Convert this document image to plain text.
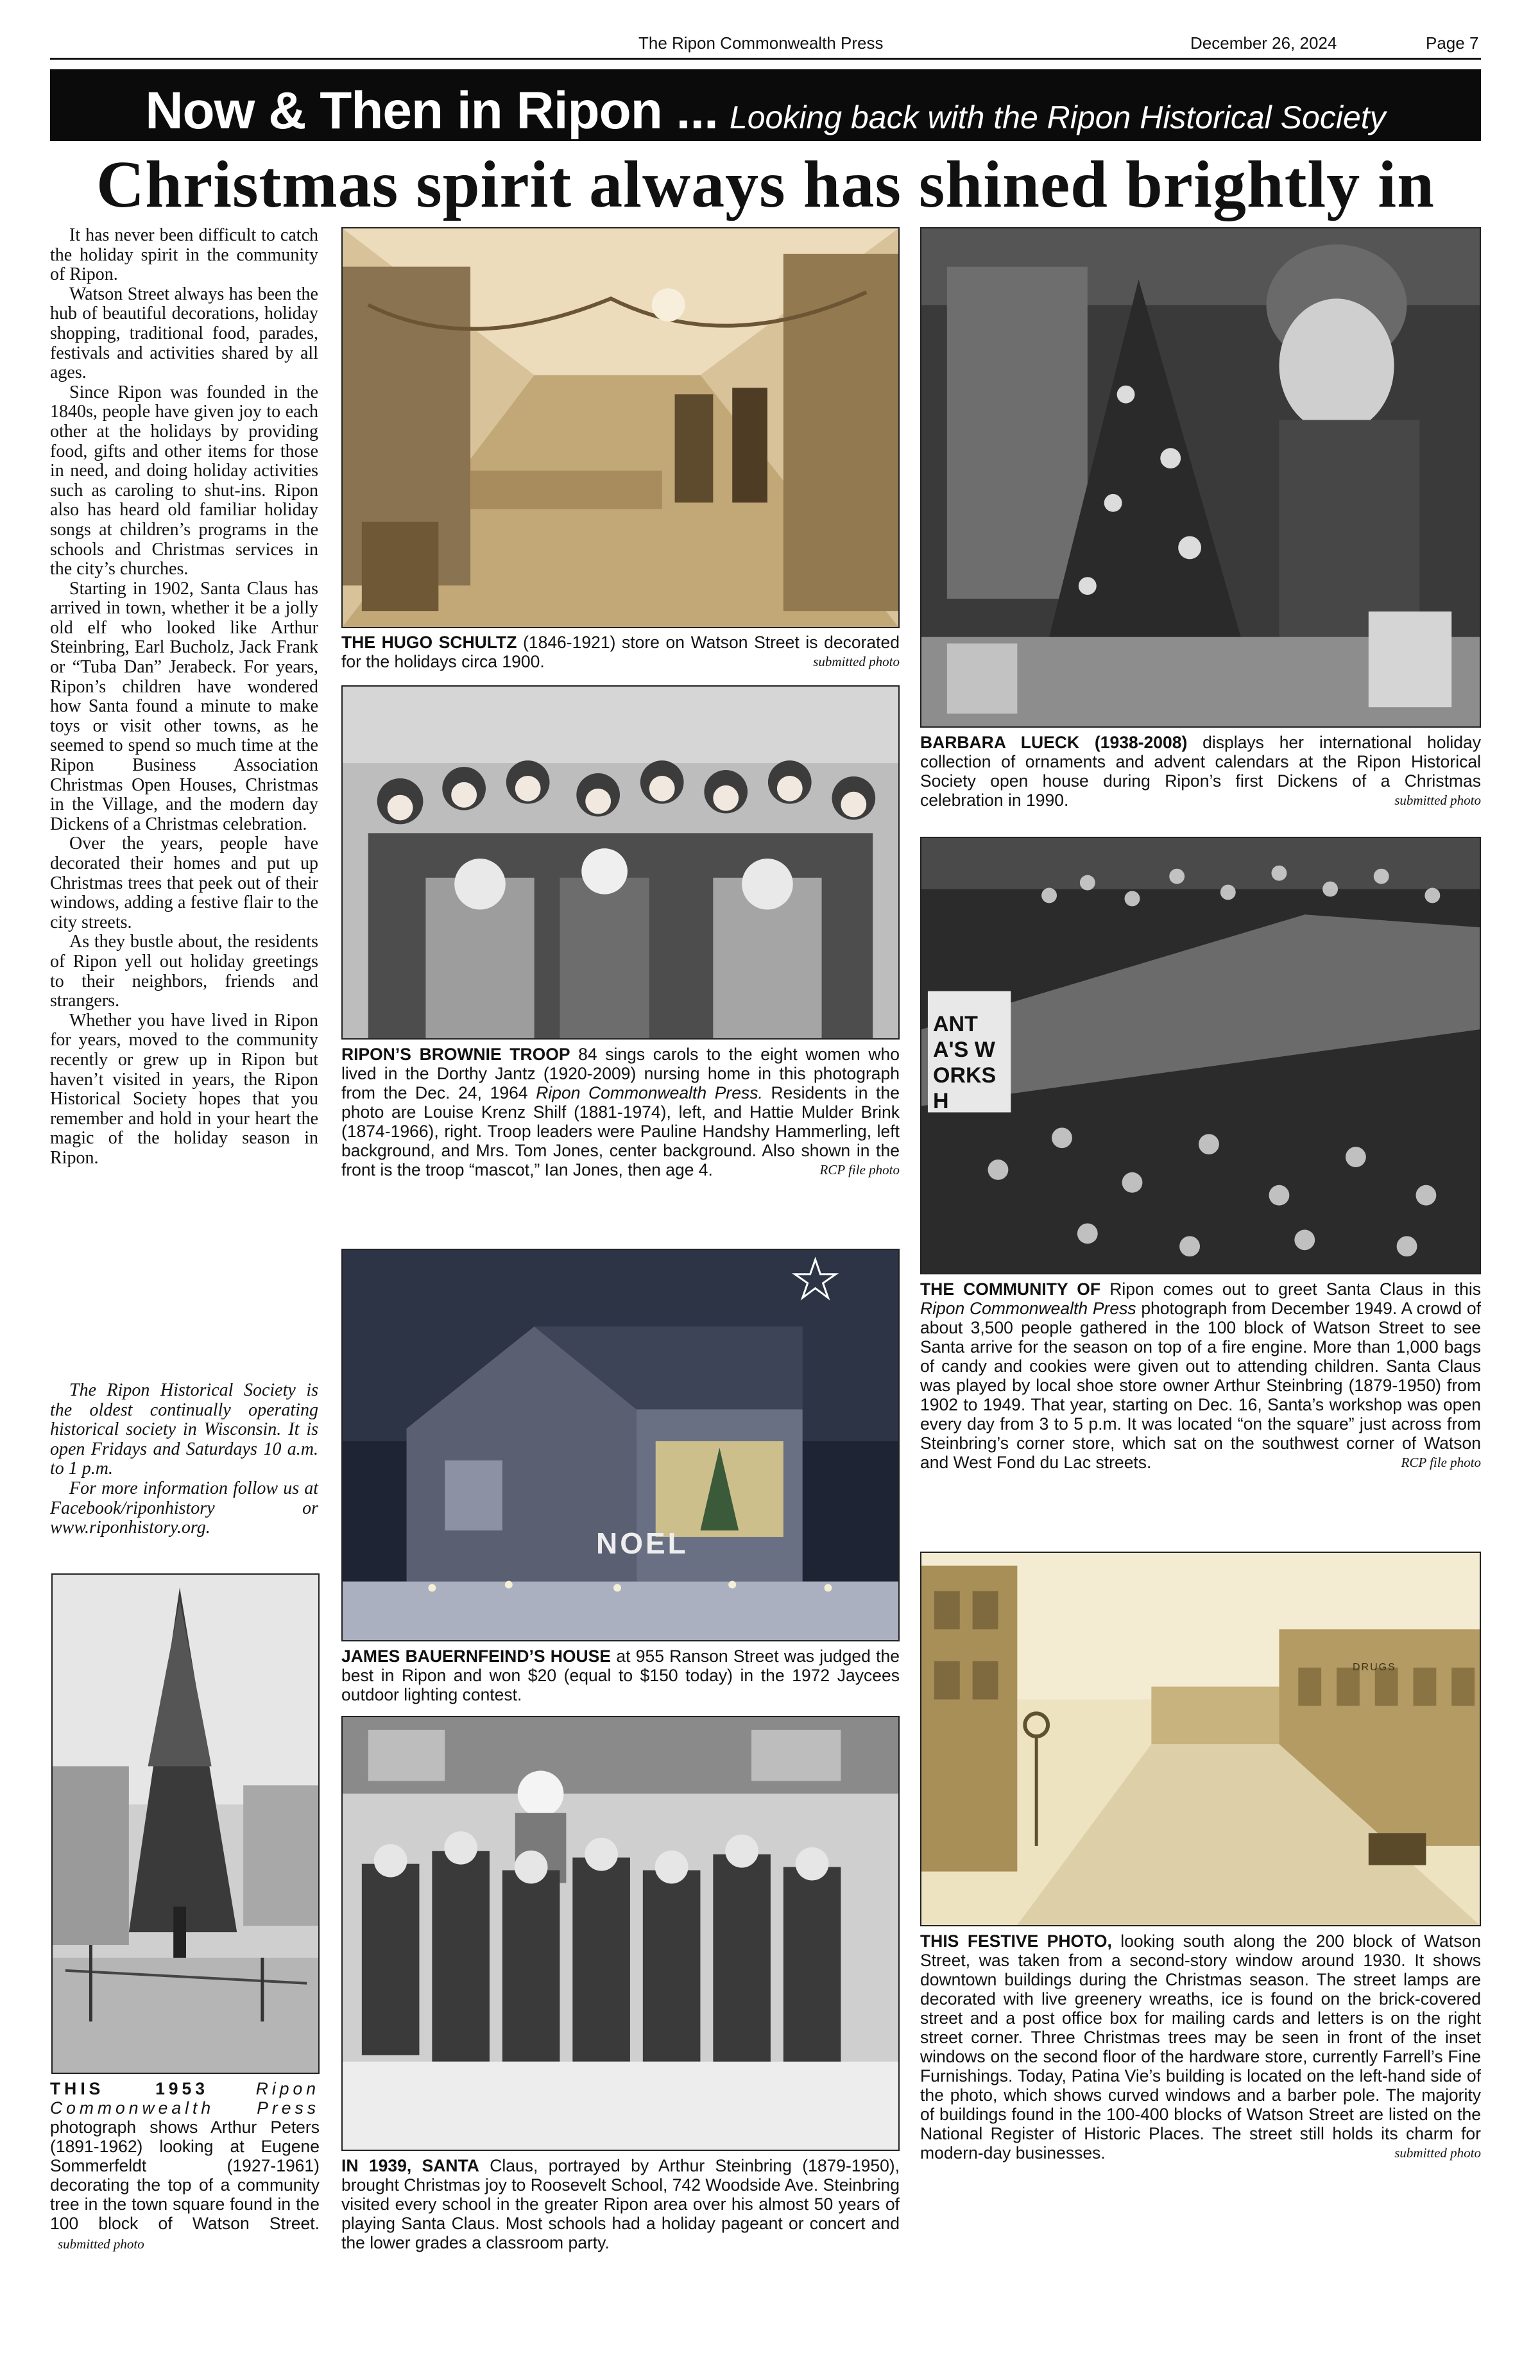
The Ripon Commonwealth Press	December 26, 2024	Page 7
Now & Then in Ripon ... Looking back with the Ripon Historical Society
Christmas spirit always has shined brightly in

It has never been difficult to catch the holiday spirit in the community of Ripon.

Watson Street always has been the hub of beautiful decorations, holiday shopping, traditional food, parades, festivals and activities shared by all ages.

Since Ripon was founded in the 1840s, people have given joy to each other at the holidays by providing food, gifts and other items for those in need, and doing holiday activities such as caroling to shut-ins. Ripon also has heard old familiar holiday songs at children’s programs in the schools and Christmas services in the city’s churches.

Starting in 1902, Santa Claus has arrived in town, whether it be a jolly old elf who looked like Arthur Steinbring, Earl Bucholz, Jack Frank or “Tuba Dan” Jerabeck. For years, Ripon’s children have wondered how Santa found a minute to make toys or visit other towns, as he seemed to spend so much time at the Ripon Business Association Christmas Open Houses, Christmas in the Village, and the modern day Dickens of a Christmas celebration.

Over the years, people have decorated their homes and put up Christmas trees that peek out of their windows, adding a festive flair to the city streets.

As they bustle about, the residents of Ripon yell out holiday greetings to their neighbors, friends and strangers.

Whether you have lived in Ripon for years, moved to the community recently or grew up in Ripon but haven’t visited in years, the Ripon Historical Society hopes that you remember and hold in your heart the magic of the holiday season in Ripon.

The Ripon Historical Society is the oldest continually operating historical society in Wisconsin. It is open Fridays and Saturdays 10 a.m. to 1 p.m.

For more information follow us at Facebook/riponhistory or www.riponhistory.org.

THIS 1953	Ripon Commonwealth Press photograph shows Arthur Peters (1891-1962) looking at Eugene Sommerfeldt (1927-1961) decorating the top of a community tree in the town square found in the 100 block of Watson Street. submitted photo
THE HUGO SCHULTZ (1846-1921) store on Watson Street is decorated for the holidays circa 1900.	submitted photo
RIPON’S BROWNIE TROOP 84 sings carols to the eight women who lived in the Dorthy Jantz (1920-2009) nursing home in this photograph from the Dec. 24, 1964 Ripon Commonwealth Press. Residents in the photo are Louise Krenz Shilf (1881-1974), left, and Hattie Mulder Brink (1874-1966), right. Troop leaders were Pauline Handshy Hammerling, left background, and Mrs. Tom Jones, center background. Also shown in the front is the troop “mascot,” Ian Jones, then age 4.	RCP file photo
NOEL
JAMES BAUERNFEIND’S HOUSE at 955 Ranson Street was judged the best in Ripon and won $20 (equal to $150 today) in the 1972 Jaycees outdoor lighting contest.
IN 1939, SANTA Claus, portrayed by Arthur Steinbring (1879-1950), brought Christmas joy to Roosevelt School, 742 Woodside Ave. Steinbring visited every school in the greater Ripon area over his almost 50 years of playing Santa Claus. Most schools had a holiday pageant or concert and the lower grades a classroom party.
BARBARA LUECK (1938-2008) displays her international holiday collection of ornaments and advent calendars at the Ripon Historical Society open house during Ripon’s first Dickens of a Christmas celebration in 1990.	submitted photo
ANTA'S WORKSH
THE COMMUNITY OF Ripon comes out to greet Santa Claus in this Ripon Commonwealth Press photograph from December 1949. A crowd of about 3,500 people gathered in the 100 block of Watson Street to see Santa arrive for the season on top of a fire engine. More than 1,000 bags of candy and cookies were given out to attending children. Santa Claus was played by local shoe store owner Arthur Steinbring (1879-1950) from 1902 to 1949. That year, starting on Dec. 16, Santa’s workshop was open every day from 3 to 5 p.m. It was located “on the square” just across from Steinbring’s corner store, which sat on the southwest corner of Watson and West Fond du Lac streets.	RCP file photo
DRUGS
THIS FESTIVE PHOTO, looking south along the 200 block of Watson Street, was taken from a second-story window around 1930. It shows downtown buildings during the Christmas season. The street lamps are decorated with live greenery wreaths, ice is found on the brick-covered street and a post office box for mailing cards and letters is on the right street corner. Three Christmas trees may be seen in front of the inset windows on the second floor of the hardware store, currently Farrell’s Fine Furnishings. Today, Patina Vie’s building is located on the left-hand side of the photo, which shows curved windows and a barber pole. The majority of buildings found in the 100-400 blocks of Watson Street are listed on the National Register of Historic Places. The street still holds its charm for modern-day businesses.	submitted photo
